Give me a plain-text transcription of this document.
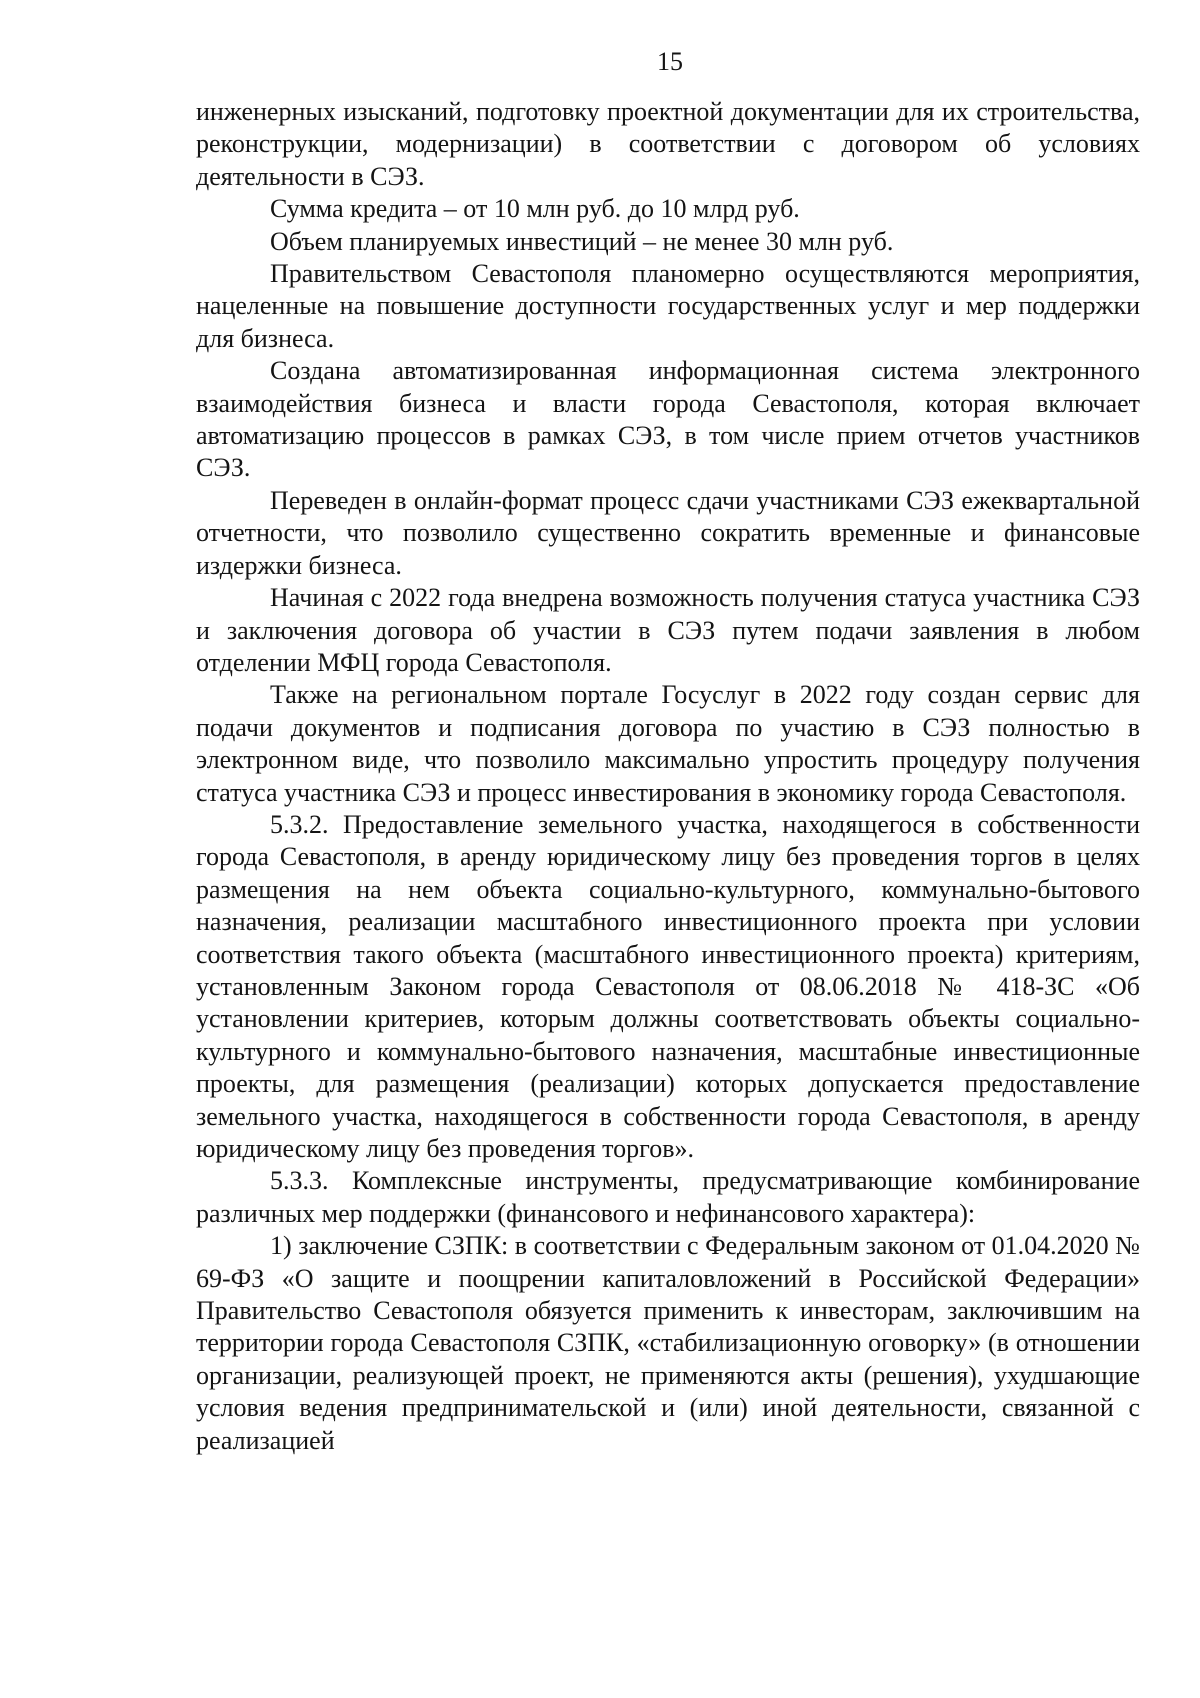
15

инженерных изысканий, подготовку проектной документации для их строительства, реконструкции, модернизации) в соответствии с договором об условиях деятельности в СЭЗ.

Сумма кредита – от 10 млн руб. до 10 млрд руб.

Объем планируемых инвестиций – не менее 30 млн руб.

Правительством Севастополя планомерно осуществляются мероприятия, нацеленные на повышение доступности государственных услуг и мер поддержки для бизнеса.

Создана автоматизированная информационная система электронного взаимодействия бизнеса и власти города Севастополя, которая включает автоматизацию процессов в рамках СЭЗ, в том числе прием отчетов участников СЭЗ.

Переведен в онлайн-формат процесс сдачи участниками СЭЗ ежеквартальной отчетности, что позволило существенно сократить временные и финансовые издержки бизнеса.

Начиная с 2022 года внедрена возможность получения статуса участника СЭЗ и заключения договора об участии в СЭЗ путем подачи заявления в любом отделении МФЦ города Севастополя.

Также на региональном портале Госуслуг в 2022 году создан сервис для подачи документов и подписания договора по участию в СЭЗ полностью в электронном виде, что позволило максимально упростить процедуру получения статуса участника СЭЗ и процесс инвестирования в экономику города Севастополя.

5.3.2. Предоставление земельного участка, находящегося в собственности города Севастополя, в аренду юридическому лицу без проведения торгов в целях размещения на нем объекта социально-культурного, коммунально-бытового назначения, реализации масштабного инвестиционного проекта при условии соответствия такого объекта (масштабного инвестиционного проекта) критериям, установленным Законом города Севастополя от 08.06.2018 № 418-ЗС «Об установлении критериев, которым должны соответствовать объекты социально-культурного и коммунально-бытового назначения, масштабные инвестиционные проекты, для размещения (реализации) которых допускается предоставление земельного участка, находящегося в собственности города Севастополя, в аренду юридическому лицу без проведения торгов».

5.3.3. Комплексные инструменты, предусматривающие комбинирование различных мер поддержки (финансового и нефинансового характера):

1) заключение СЗПК: в соответствии с Федеральным законом от 01.04.2020 № 69-ФЗ «О защите и поощрении капиталовложений в Российской Федерации» Правительство Севастополя обязуется применить к инвесторам, заключившим на территории города Севастополя СЗПК, «стабилизационную оговорку» (в отношении организации, реализующей проект, не применяются акты (решения), ухудшающие условия ведения предпринимательской и (или) иной деятельности, связанной с реализацией
